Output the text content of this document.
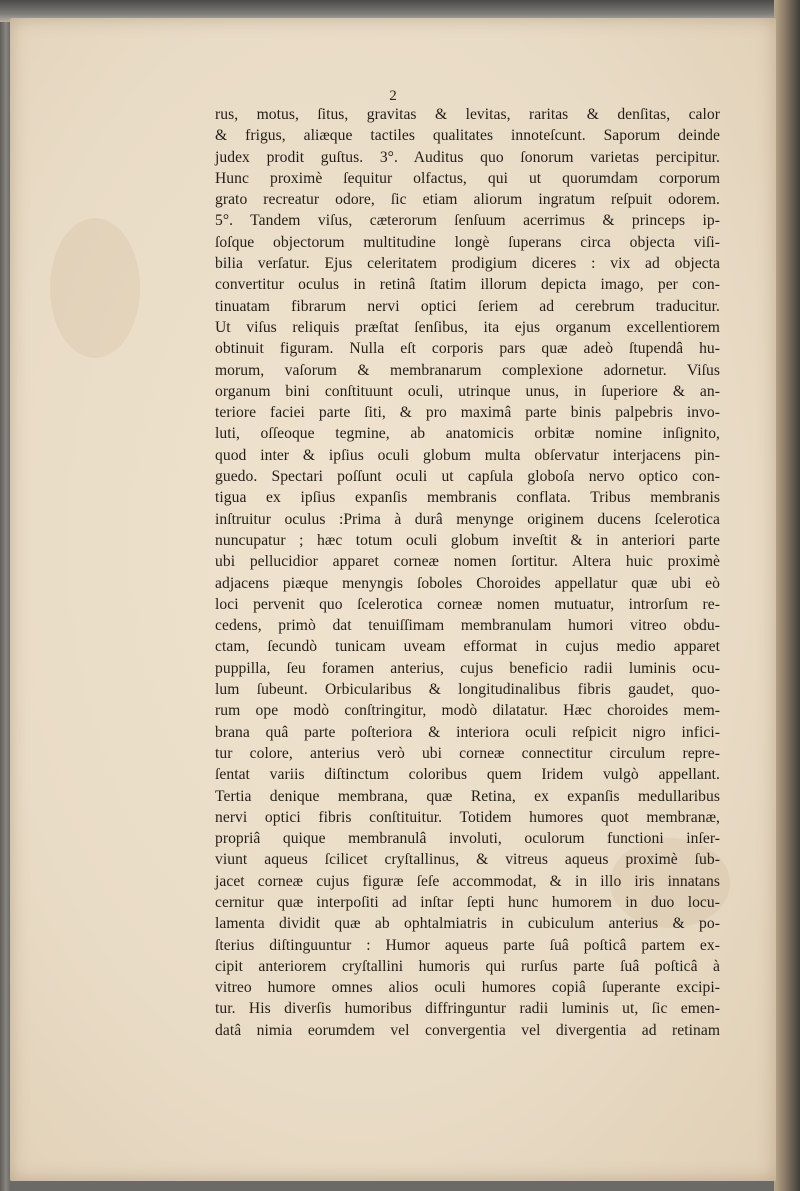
2
rus, motus, ſitus, gravitas & levitas, raritas & denſitas, calor
& frigus, aliæque tactiles qualitates innoteſcunt. Saporum deinde
judex prodit guſtus. 3°. Auditus quo ſonorum varietas percipitur.
Hunc proximè ſequitur olfactus, qui ut quorumdam corporum
grato recreatur odore, ſic etiam aliorum ingratum reſpuit odorem.
5°. Tandem viſus, cæterorum ſenſuum acerrimus & princeps ip-
ſoſque objectorum multitudine longè ſuperans circa objecta viſi-
bilia verſatur. Ejus celeritatem prodigium diceres : vix ad objecta
convertitur oculus in retinâ ſtatim illorum depicta imago, per con-
tinuatam fibrarum nervi optici ſeriem ad cerebrum traducitur.
Ut viſus reliquis præſtat ſenſibus, ita ejus organum excellentiorem
obtinuit figuram. Nulla eſt corporis pars quæ adeò ſtupendâ hu-
morum, vaſorum & membranarum complexione adornetur. Viſus
organum bini conſtituunt oculi, utrinque unus, in ſuperiore & an-
teriore faciei parte ſiti, & pro maximâ parte binis palpebris invo-
luti, oſſeoque tegmine, ab anatomicis orbitæ nomine inſignito,
quod inter & ipſius oculi globum multa obſervatur interjacens pin-
guedo. Spectari poſſunt oculi ut capſula globoſa nervo optico con-
tigua ex ipſius expanſis membranis conflata. Tribus membranis
inſtruitur oculus :Prima à durâ menynge originem ducens ſcelerotica
nuncupatur ; hæc totum oculi globum inveſtit & in anteriori parte
ubi pellucidior apparet corneæ nomen ſortitur. Altera huic proximè
adjacens piæque menyngis ſoboles Choroides appellatur quæ ubi eò
loci pervenit quo ſcelerotica corneæ nomen mutuatur, introrſum re-
cedens, primò dat tenuiſſimam membranulam humori vitreo obdu-
ctam, ſecundò tunicam uveam efformat in cujus medio apparet
puppilla, ſeu foramen anterius, cujus beneficio radii luminis ocu-
lum ſubeunt. Orbicularibus & longitudinalibus fibris gaudet, quo-
rum ope modò conſtringitur, modò dilatatur. Hæc choroides mem-
brana quâ parte poſteriora & interiora oculi reſpicit nigro infici-
tur colore, anterius verò ubi corneæ connectitur circulum repre-
ſentat variis diſtinctum coloribus quem Iridem vulgò appellant.
Tertia denique membrana, quæ Retina, ex expanſis medullaribus
nervi optici fibris conſtituitur. Totidem humores quot membranæ,
propriâ quique membranulâ involuti, oculorum functioni inſer-
viunt aqueus ſcilicet cryſtallinus, & vitreus aqueus proximè ſub-
jacet corneæ cujus figuræ ſeſe accommodat, & in illo iris innatans
cernitur quæ interpoſiti ad inſtar ſepti hunc humorem in duo locu-
lamenta dividit quæ ab ophtalmiatris in cubiculum anterius & po-
ſterius diſtinguuntur : Humor aqueus parte ſuâ poſticâ partem ex-
cipit anteriorem cryſtallini humoris qui rurſus parte ſuâ poſticâ à
vitreo humore omnes alios oculi humores copiâ ſuperante excipi-
tur. His diverſis humoribus diffringuntur radii luminis ut, ſic emen-
datâ nimia eorumdem vel convergentia vel divergentia ad retinam
